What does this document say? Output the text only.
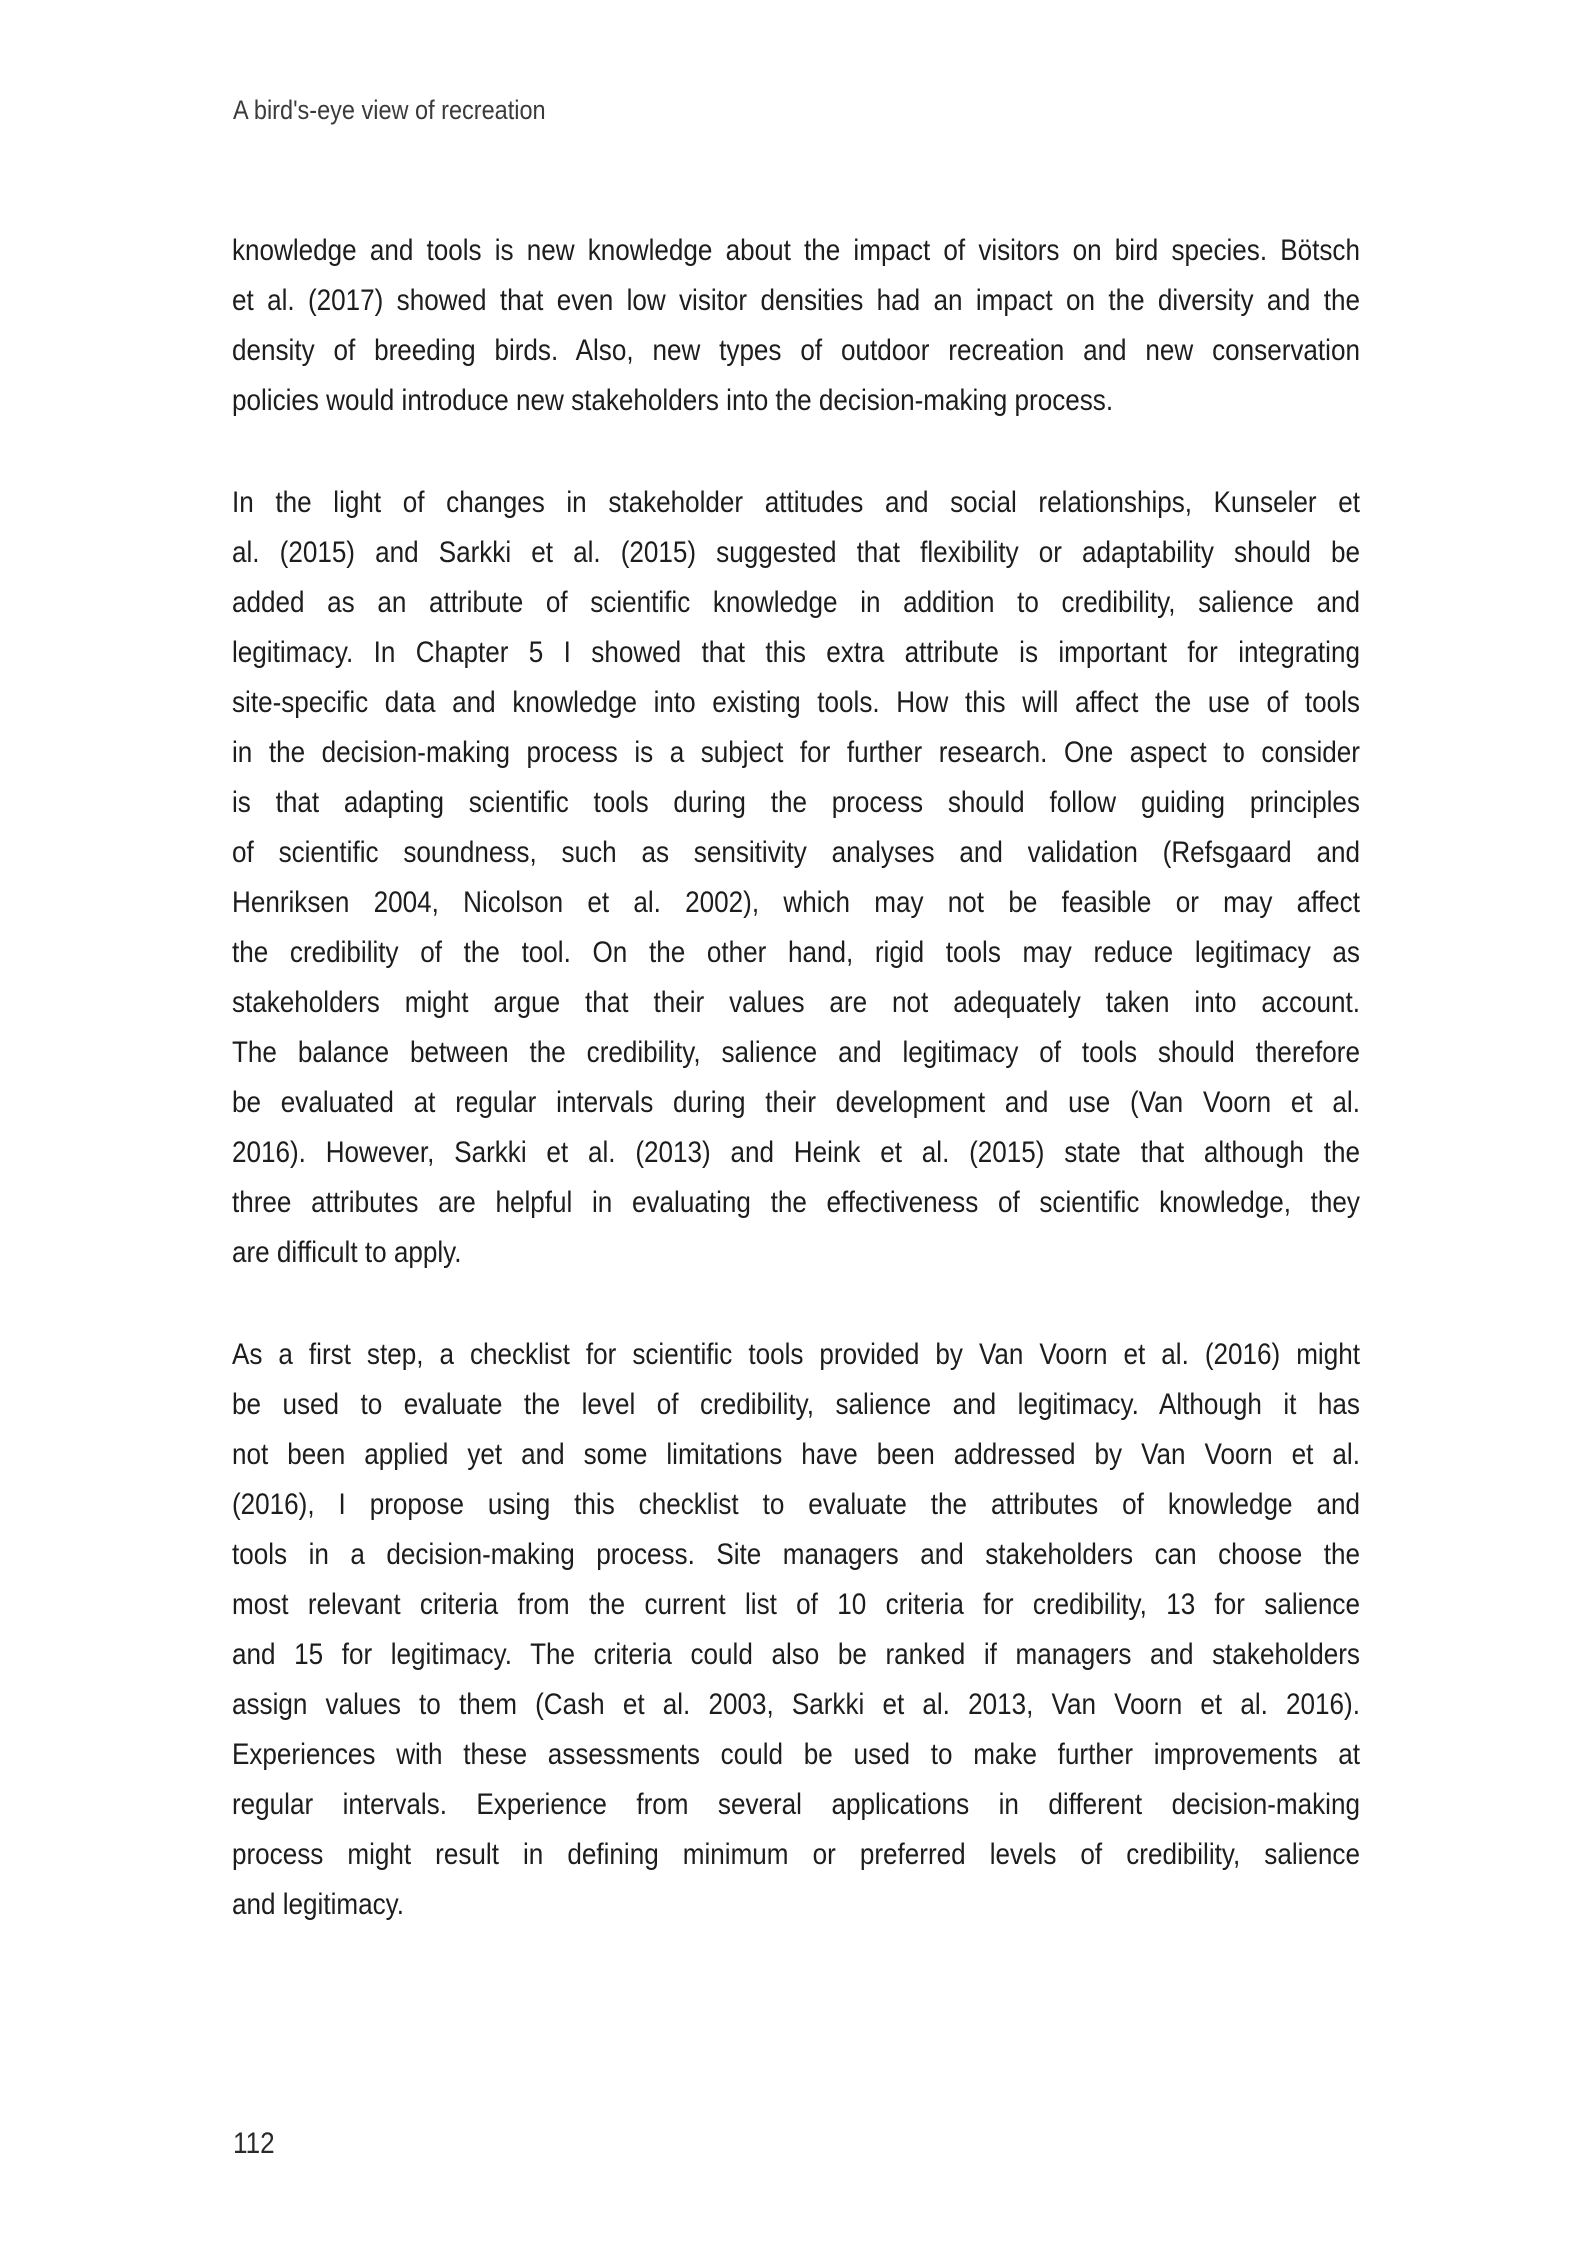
A bird's-eye view of recreation
knowledge and tools is new knowledge about the impact of visitors on bird species. Bötsch
et al. (2017) showed that even low visitor densities had an impact on the diversity and the
density of breeding birds. Also, new types of outdoor recreation and new conservation
policies would introduce new stakeholders into the decision-making process.
In the light of changes in stakeholder attitudes and social relationships, Kunseler et
al. (2015) and Sarkki et al. (2015) suggested that flexibility or adaptability should be
added as an attribute of scientific knowledge in addition to credibility, salience and
legitimacy. In Chapter 5 I showed that this extra attribute is important for integrating
site-specific data and knowledge into existing tools. How this will affect the use of tools
in the decision-making process is a subject for further research. One aspect to consider
is that adapting scientific tools during the process should follow guiding principles
of scientific soundness, such as sensitivity analyses and validation (Refsgaard and
Henriksen 2004, Nicolson et al. 2002), which may not be feasible or may affect
the credibility of the tool. On the other hand, rigid tools may reduce legitimacy as
stakeholders might argue that their values are not adequately taken into account.
The balance between the credibility, salience and legitimacy of tools should therefore
be evaluated at regular intervals during their development and use (Van Voorn et al.
2016). However, Sarkki et al. (2013) and Heink et al. (2015) state that although the
three attributes are helpful in evaluating the effectiveness of scientific knowledge, they
are difficult to apply.
As a first step, a checklist for scientific tools provided by Van Voorn et al. (2016) might
be used to evaluate the level of credibility, salience and legitimacy. Although it has
not been applied yet and some limitations have been addressed by Van Voorn et al.
(2016), I propose using this checklist to evaluate the attributes of knowledge and
tools in a decision-making process. Site managers and stakeholders can choose the
most relevant criteria from the current list of 10 criteria for credibility, 13 for salience
and 15 for legitimacy. The criteria could also be ranked if managers and stakeholders
assign values to them (Cash et al. 2003, Sarkki et al. 2013, Van Voorn et al. 2016).
Experiences with these assessments could be used to make further improvements at
regular intervals. Experience from several applications in different decision-making
process might result in defining minimum or preferred levels of credibility, salience
and legitimacy.
112
